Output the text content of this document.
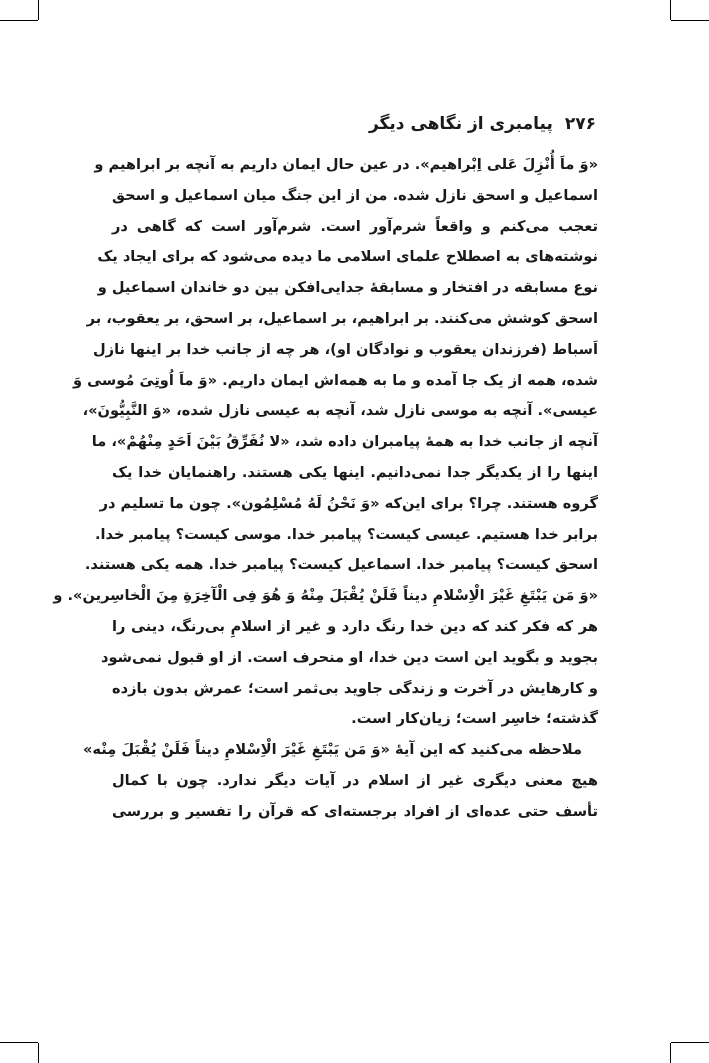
۲۷۶
پیامبری از نگاهی دیگر
«وَ ماَ أُنْزِلَ عَلی اِبْراهیم». در عین حال ایمان داریم به آنچه بر ابراهیم و
اسماعیل و اسحق نازل شده. من از این جنگ میان اسماعیل و اسحق
تعجب می‌کنم و واقعاً شرم‌آور است. شرم‌آور است که گاهی در
نوشته‌های به اصطلاح علمای اسلامی ما دیده می‌شود که برای ایجاد یک
نوع مسابقه در افتخار و مسابقهٔ جدایی‌افکن بین دو خاندان اسماعیل و
اسحق کوشش می‌کنند. بر ابراهیم، بر اسماعیل، بر اسحق، بر یعقوب، بر
اَسباط (فرزندان یعقوب و نوادگان او)، هر چه از جانب خدا بر اینها نازل
شده، همه از یک جا آمده و ما به همه‌اش ایمان داریم. «وَ ماَ اُوتِیَ مُوسی وَ
عیسی». آنچه به موسی نازل شد، آنچه به عیسی نازل شده، «وَ النَّبِیُّونَ»،
آنچه از جانب خدا به همهٔ پیامبران داده شد، «لا نُفَرِّقُ بَیْنَ اَحَدٍ مِنْهُمْ»، ما
اینها را از یکدیگر جدا نمی‌دانیم. اینها یکی هستند. راهنمایان خدا یک
گروه هستند. چرا؟ برای این‌که «وَ نَحْنُ لَهُ مُسْلِمُون». چون ما تسلیم در
برابر خدا هستیم. عیسی کیست؟ پیامبر خدا. موسی کیست؟ پیامبر خدا.
اسحق کیست؟ پیامبر خدا. اسماعیل کیست؟ پیامبر خدا. همه یکی هستند.
«وَ مَن یَبْتَغِ غَیْرَ الْاِسْلامِ دیناً فَلَنْ یُقْبَلَ مِنْهُ وَ هُوَ فِی الْآخِرَةِ مِنَ الْخاسِرین». و
هر که فکر کند که دین خدا رنگ دارد و غیر از اسلامِ بی‌رنگ، دینی را
بجوید و بگوید این است دین خدا، او منحرف است. از او قبول نمی‌شود
و کارهایش در آخرت و زندگی جاوید بی‌ثمر است؛ عمرش بدون بازده
گذشته؛ خاسِر است؛ زیان‌کار است.
ملاحظه می‌کنید که این آیهٔ «وَ مَن یَبْتَغِ غَیْرَ الْاِسْلامِ دیناً فَلَنْ یُقْبَلَ مِنْه»
هیچ معنی دیگری غیر از اسلام در آیات دیگر ندارد. چون با کمال
تأسف حتی عده‌ای از افراد برجسته‌ای که قرآن را تفسیر و بررسی
